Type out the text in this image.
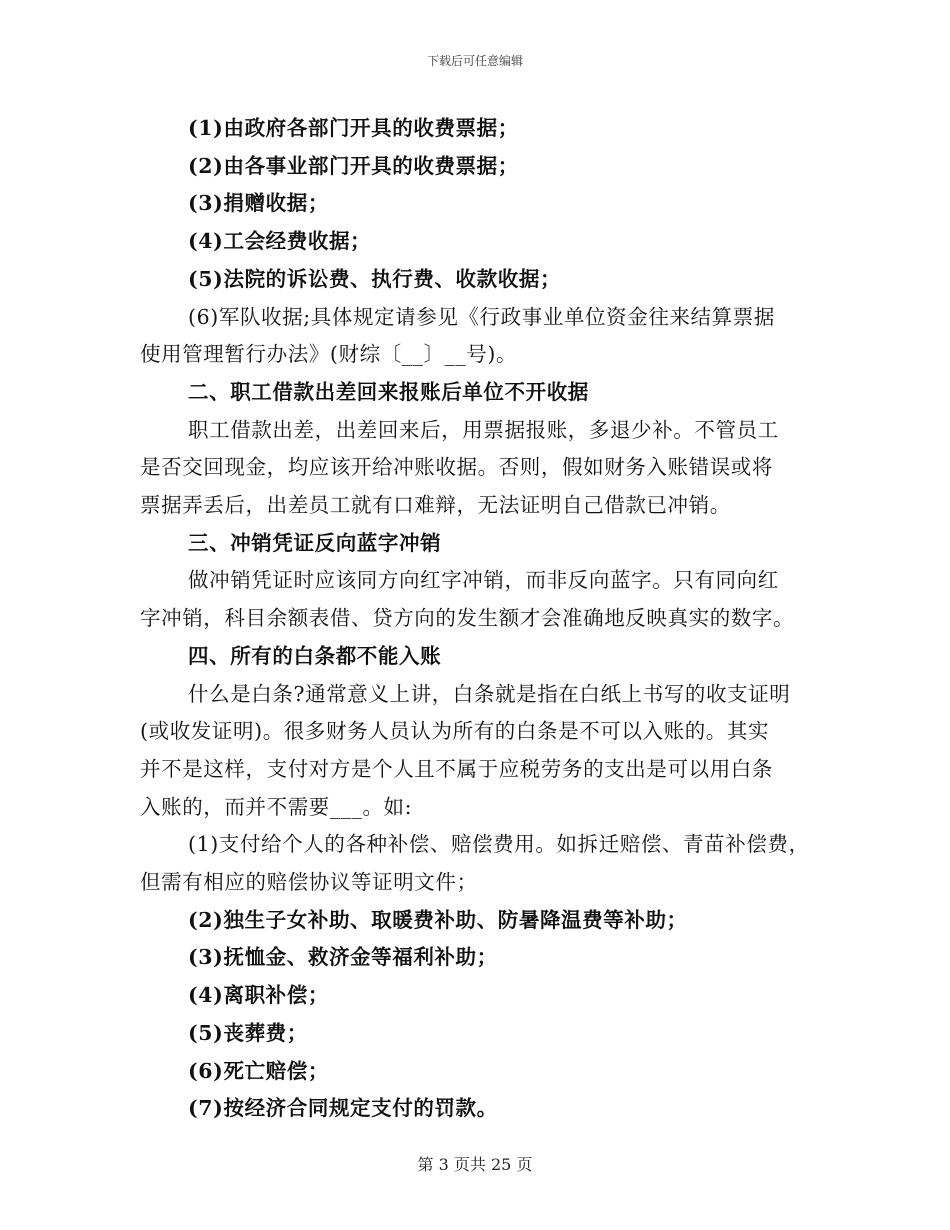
下载后可任意编辑
(1)由政府各部门开具的收费票据；
(2)由各事业部门开具的收费票据；
(3)捐赠收据；
(4)工会经费收据；
(5)法院的诉讼费、执行费、收款收据；
(6)军队收据;具体规定请参见《行政事业单位资金往来结算票据
使用管理暂行办法》(财综〔__〕__号)。
二、职工借款出差回来报账后单位不开收据
职工借款出差，出差回来后，用票据报账，多退少补。不管员工
是否交回现金，均应该开给冲账收据。否则，假如财务入账错误或将
票据弄丢后，出差员工就有口难辩，无法证明自己借款已冲销。
三、冲销凭证反向蓝字冲销
做冲销凭证时应该同方向红字冲销，而非反向蓝字。只有同向红
字冲销，科目余额表借、贷方向的发生额才会准确地反映真实的数字。
四、所有的白条都不能入账
什么是白条?通常意义上讲，白条就是指在白纸上书写的收支证明
(或收发证明)。很多财务人员认为所有的白条是不可以入账的。其实
并不是这样，支付对方是个人且不属于应税劳务的支出是可以用白条
入账的，而并不需要___。如:
(1)支付给个人的各种补偿、赔偿费用。如拆迁赔偿、青苗补偿费，
但需有相应的赔偿协议等证明文件；
(2)独生子女补助、取暖费补助、防暑降温费等补助；
(3)抚恤金、救济金等福利补助；
(4)离职补偿；
(5)丧葬费；
(6)死亡赔偿；
(7)按经济合同规定支付的罚款。
第 3 页共 25 页
